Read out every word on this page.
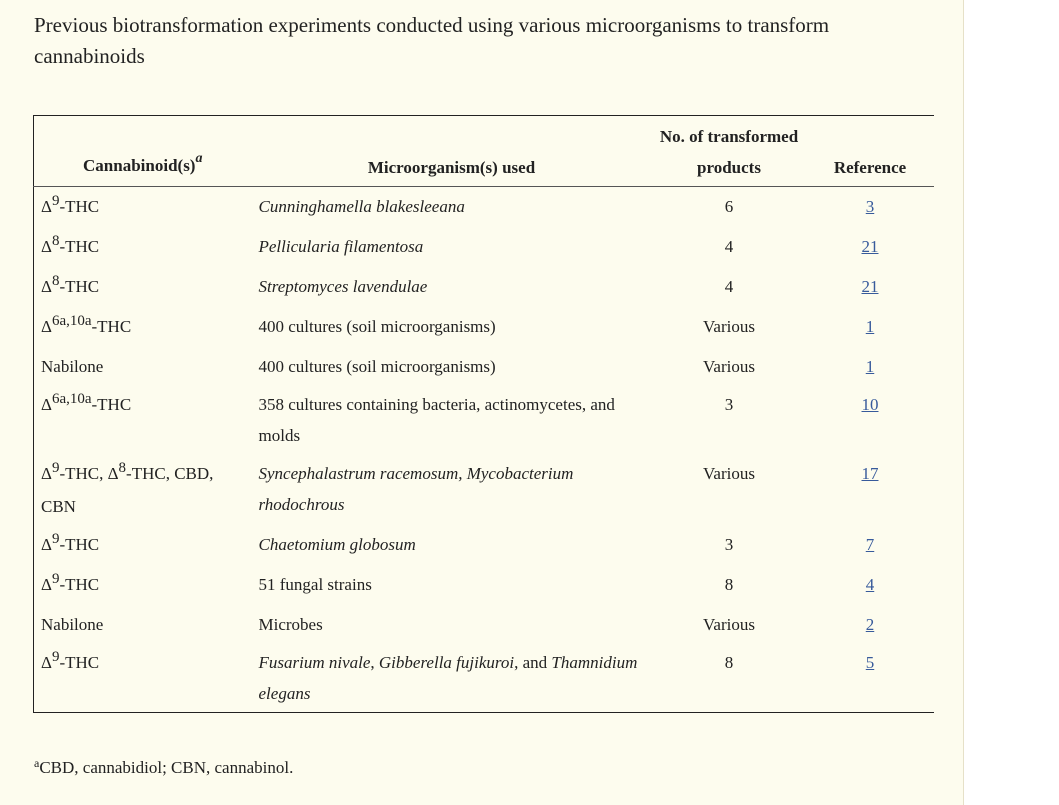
Previous biotransformation experiments conducted using various microorganisms to transform cannabinoids
$Cannabinoid(s)^a$	Microorganism(s) used	No. of transformed products	Reference
Δ9-THC	Cunninghamella blakesleeana	6	3
Δ8-THC	Pellicularia filamentosa	4	21
Δ8-THC	Streptomyces lavendulae	4	21
Δ6a,10a-THC	400 cultures (soil microorganisms)	Various	1
Nabilone	400 cultures (soil microorganisms)	Various	1
Δ6a,10a-THC	358 cultures containing bacteria, actinomycetes, and molds	3	10
Δ9-THC, Δ8-THC, CBD, CBN	Syncephalastrum racemosum, Mycobacterium rhodochrous	Various	17
Δ9-THC	Chaetomium globosum	3	7
Δ9-THC	51 fungal strains	8	4
Nabilone	Microbes	Various	2
Δ9-THC	Fusarium nivale, Gibberella fujikuroi, and Thamnidium elegans	8	5
$^a$CBD, cannabidiol; CBN, cannabinol.
